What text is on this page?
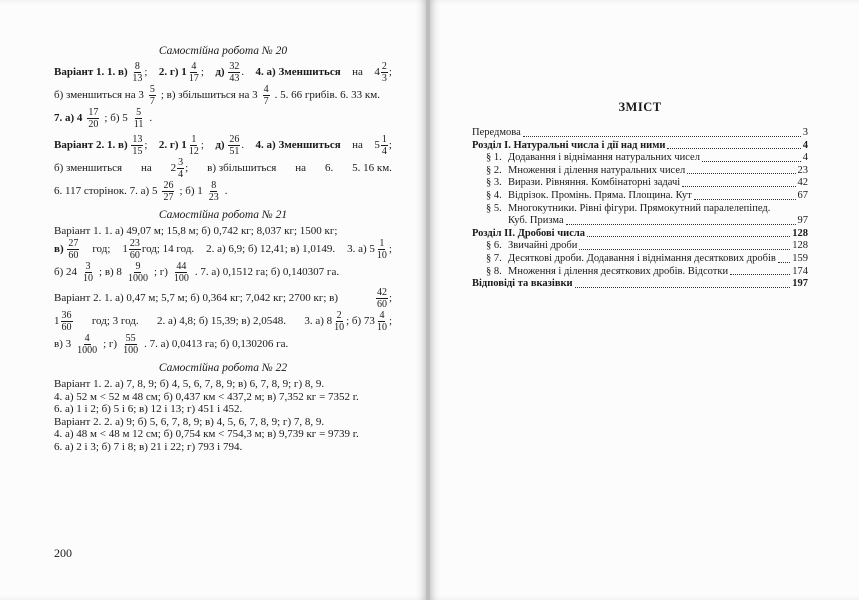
Самостійна робота № 20
Варіант 1. 1. $в) \frac{8}{13}$ ; 2. г) $1 \frac{4}{17}$ ; $д) \frac{32}{43}$ . 4. а) Зменшиться на $4 \frac{2}{3}$ ;
б) зменшиться на $3 \frac{5}{7}$ ; в) збільшиться на $3 \frac{4}{7}$ . 5. 66 грибів. 6. 33 км.
7. а) $4 \frac{17}{20}$ ; б) $5 \frac{5}{11}$ .
Варіант 2. 1. $в) \frac{13}{15}$ ; 2. г) $1 \frac{1}{12}$ ; $д) \frac{26}{51}$ . 4. а) Зменшиться на $5 \frac{1}{4}$ ;
б) зменшиться на $2 \frac{3}{4}$ ; в) збільшиться на 6. 5. 16 км.
6. 117 сторінок. 7. а) $5 \frac{26}{27}$ ; б) $1 \frac{8}{23}$ .
Самостійна робота № 21
Варіант 1. 1. а) 49,07 м; 15,8 м; б) 0,742 кг; 8,037 кг; 1500 кг;
$в) \frac{27}{60}$ год; $1 \frac{23}{60}$ год; 14 год. 2. а) 6,9; б) 12,41; в) 1,0149. 3. а) $5 \frac{1}{10}$ ;
б) $24 \frac{3}{10}$ ; в) $8 \frac{9}{1000}$ ; $г) \frac{44}{100}$ . 7. а) 0,1512 га; б) 0,140307 га.
Варіант 2. 1. а) 0,47 м; 5,7 м; б) 0,364 кг; 7,042 кг; 2700 кг; в)	$\frac{42}{60}$ ;
$1 \frac{36}{60}$ год; 3 год. 2. а) 4,8; б) 15,39; в) 2,0548. 3. а) $8 \frac{2}{10}$ ; б) $73 \frac{4}{10}$ ;
в) $3 \frac{4}{1000}$ ; $г) \frac{55}{100}$ . 7. а) 0,0413 га; б) 0,130206 га.
Самостійна робота № 22
Варіант 1. 2. а) 7, 8, 9; б) 4, 5, 6, 7, 8, 9; в) 6, 7, 8, 9; г) 8, 9.
4. а) 52 м < 52 м 48 см; б) 0,437 км < 437,2 м; в) 7,352 кг = 7352 г.
6. а) 1 і 2; б) 5 і 6; в) 12 і 13; г) 451 і 452.
Варіант 2. 2. а) 9; б) 5, 6, 7, 8, 9; в) 4, 5, 6, 7, 8, 9; г) 7, 8, 9.
4. а) 48 м < 48 м 12 см; б) 0,754 км < 754,3 м; в) 9,739 кг = 9739 г.
6. а) 2 і 3; б) 7 і 8; в) 21 і 22; г) 793 і 794.
200
ЗМІСТ
Передмова	3
Розділ І. Натуральні числа і дії над ними	4
§ 1. Додавання і віднімання натуральних чисел	4
§ 2. Множення і ділення натуральних чисел	23
§ 3. Вирази. Рівняння. Комбінаторні задачі	42
§ 4. Відрізок. Промінь. Пряма. Площина. Кут	67
§ 5. Многокутники. Рівні фігури. Прямокутний паралелепіпед.
Куб. Призма	97
Розділ ІІ. Дробові числа	128
§ 6. Звичайні дроби	128
§ 7. Десяткові дроби. Додавання і віднімання десяткових дробів 159
§ 8. Множення і ділення десяткових дробів. Відсотки	174
Відповіді та вказівки	197
